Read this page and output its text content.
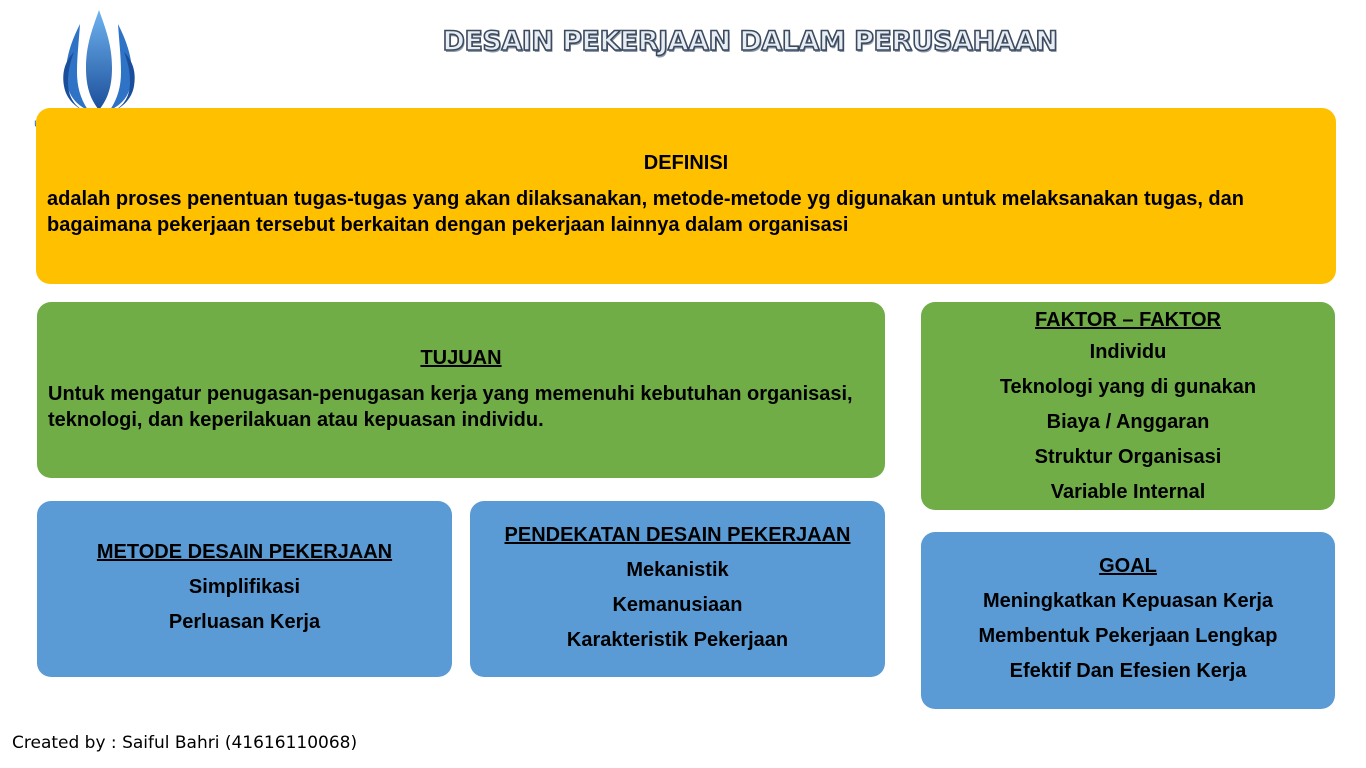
DESAIN PEKERJAAN DALAM PERUSAHAAN
DEFINISI
adalah proses penentuan tugas-tugas yang akan dilaksanakan, metode-metode yg digunakan untuk melaksanakan tugas, dan bagaimana pekerjaan tersebut berkaitan dengan pekerjaan lainnya dalam organisasi
TUJUAN
Untuk mengatur penugasan-penugasan kerja yang memenuhi kebutuhan organisasi, teknologi, dan keperilakuan atau kepuasan individu.
FAKTOR – FAKTOR
Individu
Teknologi yang di gunakan
Biaya / Anggaran
Struktur Organisasi
Variable Internal
METODE DESAIN PEKERJAAN
Simplifikasi
Perluasan Kerja
PENDEKATAN DESAIN PEKERJAAN
Mekanistik
Kemanusiaan
Karakteristik Pekerjaan
GOAL
Meningkatkan Kepuasan Kerja
Membentuk Pekerjaan Lengkap
Efektif Dan Efesien Kerja
Created by : Saiful Bahri (41616110068)
